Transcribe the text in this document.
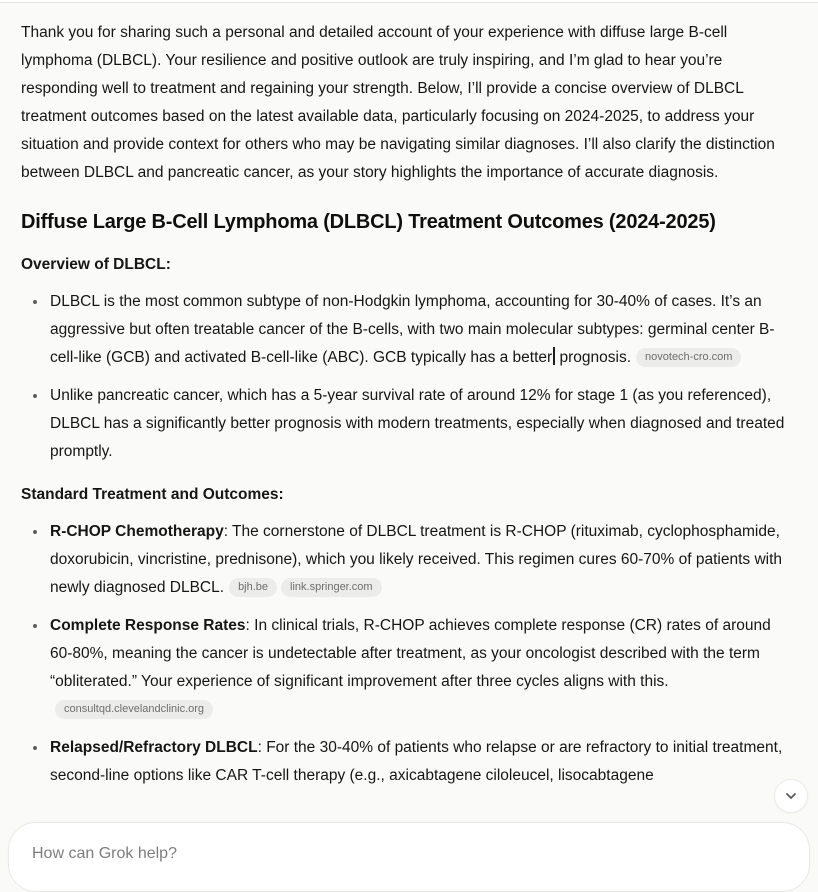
Thank you for sharing such a personal and detailed account of your experience with diffuse large B-cell lymphoma (DLBCL). Your resilience and positive outlook are truly inspiring, and I’m glad to hear you’re responding well to treatment and regaining your strength. Below, I’ll provide a concise overview of DLBCL treatment outcomes based on the latest available data, particularly focusing on 2024-2025, to address your situation and provide context for others who may be navigating similar diagnoses. I’ll also clarify the distinction between DLBCL and pancreatic cancer, as your story highlights the importance of accurate diagnosis.

Diffuse Large B-Cell Lymphoma (DLBCL) Treatment Outcomes (2024-2025)

Overview of DLBCL:

DLBCL is the most common subtype of non-Hodgkin lymphoma, accounting for 30-40% of cases. It’s an aggressive but often treatable cancer of the B-cells, with two main molecular subtypes: germinal center B-cell-like (GCB) and activated B-cell-like (ABC). GCB typically has a better prognosis. novotech-cro.com
Unlike pancreatic cancer, which has a 5-year survival rate of around 12% for stage 1 (as you referenced), DLBCL has a significantly better prognosis with modern treatments, especially when diagnosed and treated promptly.

Standard Treatment and Outcomes:

R-CHOP Chemotherapy: The cornerstone of DLBCL treatment is R-CHOP (rituximab, cyclophosphamide, doxorubicin, vincristine, prednisone), which you likely received. This regimen cures 60-70% of patients with newly diagnosed DLBCL. bjh.be link.springer.com
Complete Response Rates: In clinical trials, R-CHOP achieves complete response (CR) rates of around 60-80%, meaning the cancer is undetectable after treatment, as your oncologist described with the term “obliterated.” Your experience of significant improvement after three cycles aligns with this.consultqd.clevelandclinic.org
Relapsed/Refractory DLBCL: For the 30-40% of patients who relapse or are refractory to initial treatment, second-line options like CAR T-cell therapy (e.g., axicabtagene ciloleucel, lisocabtagene
How can Grok help?
